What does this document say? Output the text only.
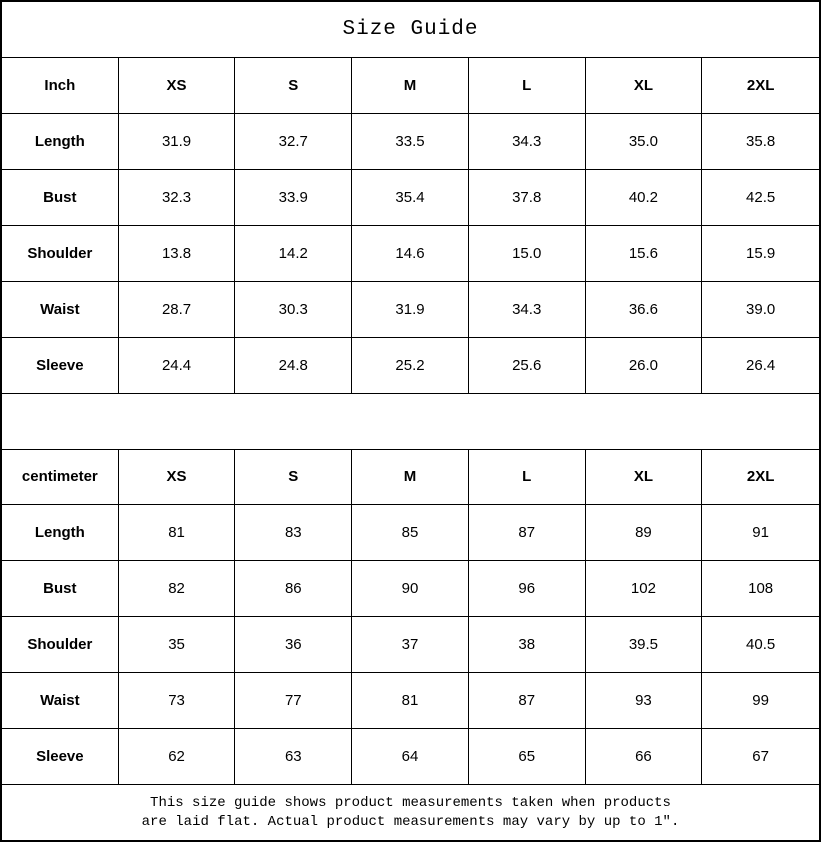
Size Guide
Inch	XS	S	M	L	XL	2XL
Length	31.9	32.7	33.5	34.3	35.0	35.8
Bust	32.3	33.9	35.4	37.8	40.2	42.5
Shoulder	13.8	14.2	14.6	15.0	15.6	15.9
Waist	28.7	30.3	31.9	34.3	36.6	39.0
Sleeve	24.4	24.8	25.2	25.6	26.0	26.4
centimeter	XS	S	M	L	XL	2XL
Length	81	83	85	87	89	91
Bust	82	86	90	96	102	108
Shoulder	35	36	37	38	39.5	40.5
Waist	73	77	81	87	93	99
Sleeve	62	63	64	65	66	67
This size guide shows product measurements taken when products
are laid flat. Actual product measurements may vary by up to 1″.
